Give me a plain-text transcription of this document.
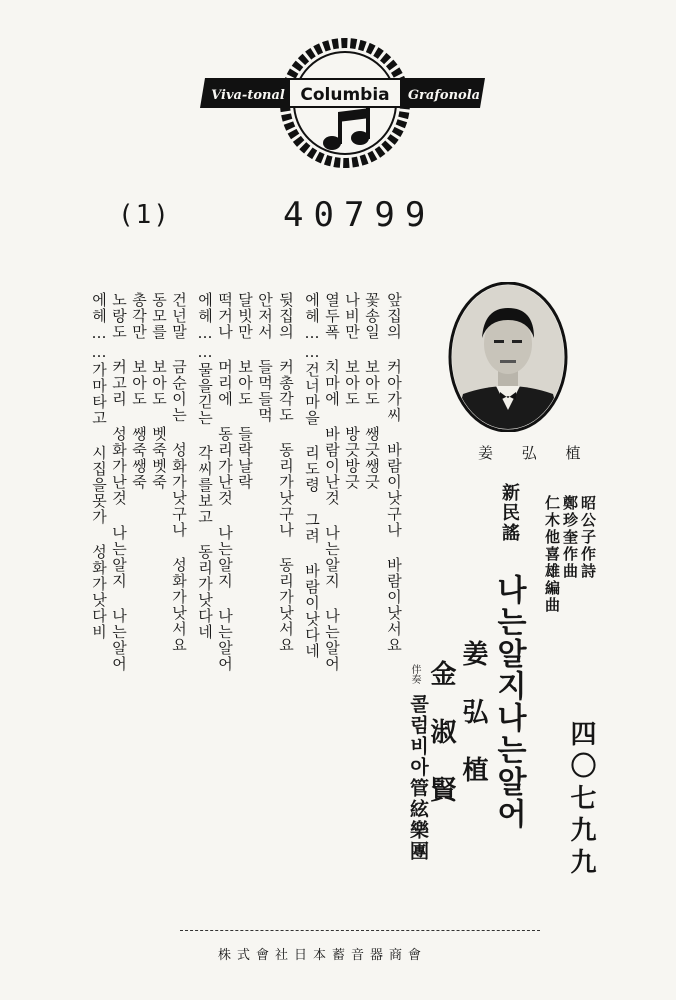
Columbia
Viva-tonal	Grafonola
(1)	40799
앞집의 커아가씨 바람이낫구나 바람이낫서요
꽃송일 보아도 쌩긋쌩긋
나비만 보아도 방긋방긋
열두폭 치마에 바람이난것 나는알지 나는알어
에헤……건너마을 리도령 그려 바람이낫다네
뒷집의 커총각도 동리가낫구나 동리가낫서요
안저서 들먹들먹
달빗만 보아도 들락날락
떡거나 머리에 동리가난것 나는알지 나는알어
에헤……물을긷는 각씨를보고 동리가낫다네
건넌말 금순이는 성화가낫구나 성화가낫서요
동모를 보아도 벳죽벳죽
총각만 보아도 쌩죽쌩죽
노랑도 커고리 성화가난것 나는알지 나는알어
에헤……가마타고 시집을못가 성화가낫다비	姜 弘 植
新民謠
나는알지나는알어
昭公子作詩
鄭珍奎作曲
仁木他喜雄編曲
姜 弘 植
金 淑 賢
伴奏
콜럼비아管絃樂團	四〇七九九
株式會社日本蓄音器商會
